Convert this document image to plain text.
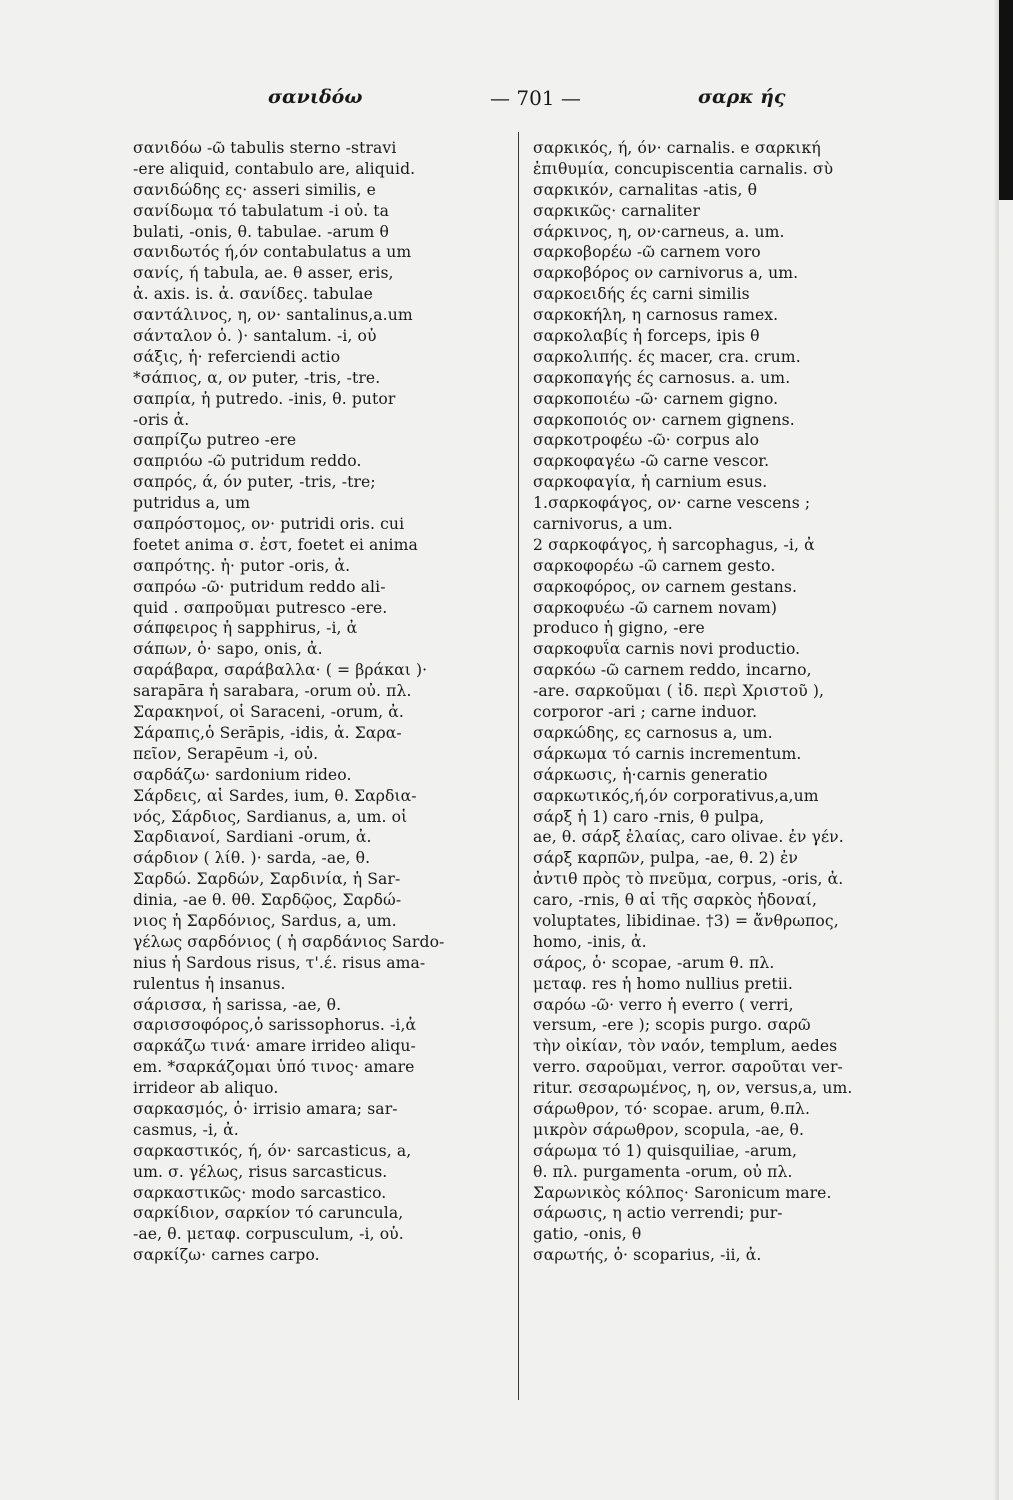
σανιδόω	— 701 —	σαρκ ής
σανιδόω -ῶ tabulis sterno -stravi
-ere aliquid, contabulo are, aliquid.
σανιδώδης ες· asseri similis, e
σανίδωμα τό tabulatum -i οὐ. ta
bulati, -onis, θ. tabulae. -arum θ
σανιδωτός ή,όν contabulatus a um
σανίς, ή tabula, ae. θ asser, eris,
ἀ. axis. is. ἀ. σανίδες. tabulae
σαντάλινος, η, ον· santalinus,a.um
σάνταλον ὁ. )· santalum. -i, οὐ
σάξις, ἡ· referciendi actio
*σάπιος, α, ον puter, -tris, -tre.
σαπρία, ἡ putredo. -inis, θ. putor
-oris ἀ.
σαπρίζω putreo -ere
σαπριόω -ῶ putridum reddo.
σαπρός, ά, όν puter, -tris, -tre;
putridus a, um
σαπρόστομος, ον· putridi oris. cui
foetet anima σ. ἐστ, foetet ei anima
σαπρότης. ἡ· putor -oris, ἀ.
σαπρόω -ῶ· putridum reddo ali-
quid . σαπροῦμαι putresco -ere.
σάπφειρος ἡ sapphirus, -i, ἀ
σάπων, ὁ· sapo, onis, ἀ.
σαράβαρα, σαράβαλλα· ( = βράκαι )·
sarapāra ἡ sarabara, -orum οὐ. πλ.
Σαρακηνοί, οἱ Saraceni, -orum, ἀ.
Σάραπις,ὁ Serāpis, -idis, ἀ. Σαρα-
πεῖον, Serapēum -i, οὐ.
σαρδάζω· sardonium rideo.
Σάρδεις, αἱ Sardes, ium, θ. Σαρδια-
νός, Σάρδιος, Sardianus, a, um. οἱ
Σαρδιανοί, Sardiani -orum, ἀ.
σάρδιον ( λίθ. )· sarda, -ae, θ.
Σαρδώ. Σαρδών, Σαρδινία, ἡ Sar-
dinia, -ae θ. θθ. Σαρδῷος, Σαρδώ-
νιος ἡ Σαρδόνιος, Sardus, a, um.
γέλως σαρδόνιος ( ἡ σαρδάνιος Sardo-
nius ἡ Sardous risus, τ'.έ. risus ama-
rulentus ἡ insanus.
σάρισσα, ἡ sarissa, -ae, θ.
σαρισσοφόρος,ὁ sarissophorus. -i,ἀ
σαρκάζω τινά· amare irrideo aliqu-
em. *σαρκάζομαι ὑπό τινος· amare
irrideor ab aliquo.
σαρκασμός, ὁ· irrisio amara; sar-
casmus, -i, ἀ.
σαρκαστικός, ή, όν· sarcasticus, a,
um. σ. γέλως, risus sarcasticus.
σαρκαστικῶς· modo sarcastico.
σαρκίδιον, σαρκίον τό caruncula,
-ae, θ. μεταφ. corpusculum, -i, οὐ.
σαρκίζω· carnes carpo.
σαρκικός, ή, όν· carnalis. e σαρκική
ἐπιθυμία, concupiscentia carnalis. σὺ
σαρκικόν, carnalitas -atis, θ
σαρκικῶς· carnaliter
σάρκινος, η, ον·carneus, a. um.
σαρκοβορέω -ῶ carnem voro
σαρκοβόρος ον carnivorus a, um.
σαρκοειδής ές carni similis
σαρκοκήλη, η carnosus ramex.
σαρκολαβίς ἡ forceps, ipis θ
σαρκολιπής. ές macer, cra. crum.
σαρκοπαγής ές carnosus. a. um.
σαρκοποιέω -ῶ· carnem gigno.
σαρκοποιός ον· carnem gignens.
σαρκοτροφέω -ῶ· corpus alo
σαρκοφαγέω -ῶ carne vescor.
σαρκοφαγία, ἡ carnium esus.
1.σαρκοφάγος, ον· carne vescens ;
carnivorus, a um.
2 σαρκοφάγος, ἡ sarcophagus, -i, ἀ
σαρκοφορέω -ῶ carnem gesto.
σαρκοφόρος, ον carnem gestans.
σαρκοφυέω -ῶ carnem novam)
produco ἡ gigno, -ere
σαρκοφυΐα carnis novi productio.
σαρκόω -ῶ carnem reddo, incarno,
-are. σαρκοῦμαι ( ἰδ. περὶ Χριστοῦ ),
corporor -ari ; carne induor.
σαρκώδης, ες carnosus a, um.
σάρκωμα τό carnis incrementum.
σάρκωσις, ἡ·carnis generatio
σαρκωτικός,ή,όν corporativus,a,um
σάρξ ἡ 1) caro -rnis, θ pulpa,
ae, θ. σάρξ ἐλαίας, caro olivae. ἐν γέν.
σάρξ καρπῶν, pulpa, -ae, θ. 2) ἐν
ἀντιθ πρὸς τὸ πνεῦμα, corpus, -oris, ἀ.
caro, -rnis, θ αἱ τῆς σαρκὸς ἡδοναί,
voluptates, libidinae. †3) = ἄνθρωπος,
homo, -inis, ἀ.
σάρος, ὁ· scopae, -arum θ. πλ.
μεταφ. res ἡ homo nullius pretii.
σαρόω -ῶ· verro ἡ everro ( verri,
versum, -ere ); scopis purgo. σαρῶ
τὴν οἰκίαν, τὸν ναόν, templum, aedes
verro. σαροῦμαι, verror. σαροῦται ver-
ritur. σεσαρωμένος, η, ον, versus,a, um.
σάρωθρον, τό· scopae. arum, θ.πλ.
μικρὸν σάρωθρον, scopula, -ae, θ.
σάρωμα τό 1) quisquiliae, -arum,
θ. πλ. purgamenta -orum, οὐ πλ.
Σαρωνικὸς κόλπος· Saronicum mare.
σάρωσις, η actio verrendi; pur-
gatio, -onis, θ
σαρωτής, ὁ· scoparius, -ii, ἀ.
